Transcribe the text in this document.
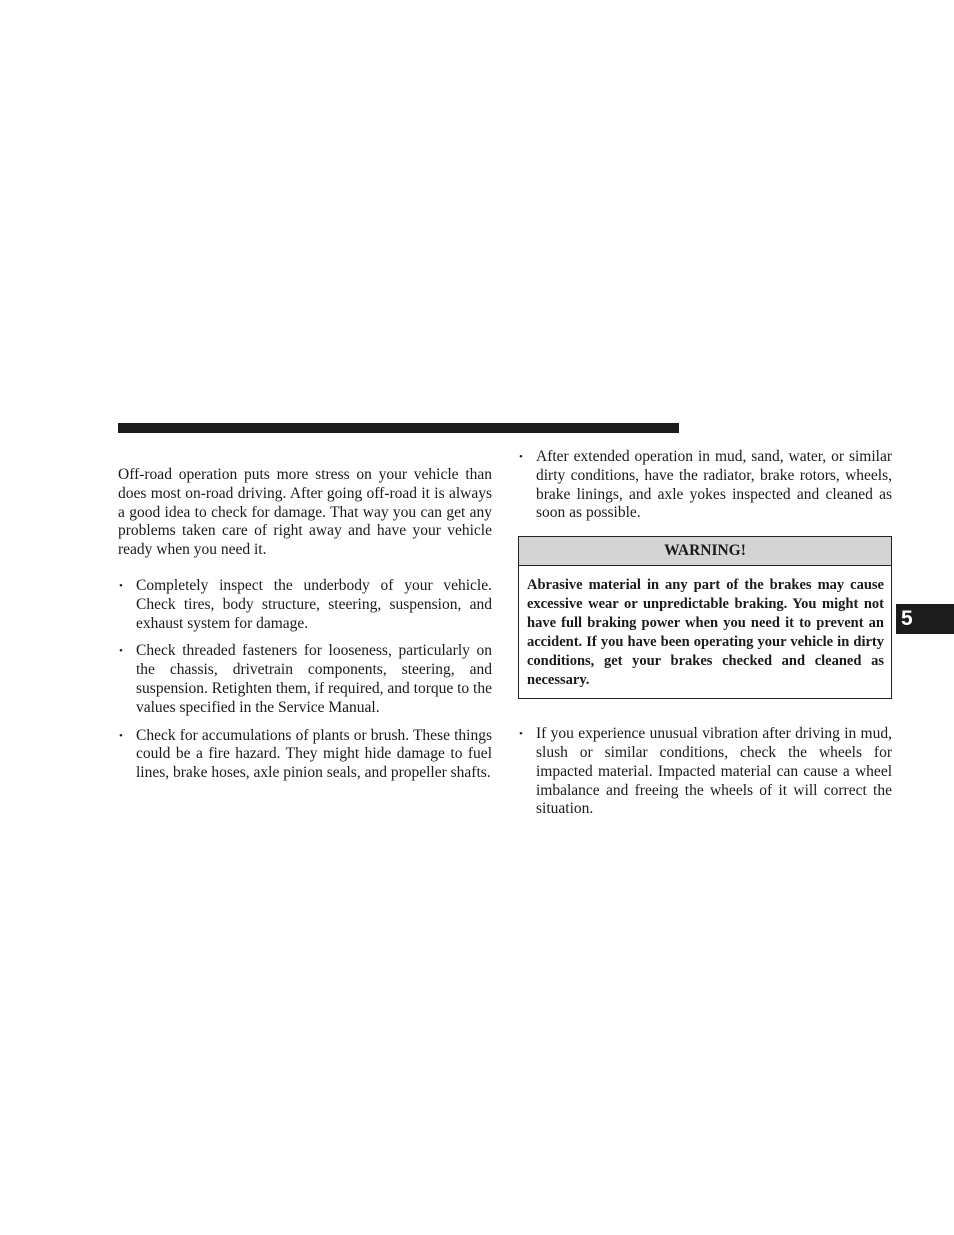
Off-road operation puts more stress on your vehicle than does most on-road driving. After going off-road it is always a good idea to check for damage. That way you can get any problems taken care of right away and have your vehicle ready when you need it.

• Completely inspect the underbody of your vehicle. Check tires, body structure, steering, suspension, and exhaust system for damage.
• Check threaded fasteners for looseness, particularly on the chassis, drivetrain components, steering, and suspension. Retighten them, if required, and torque to the values specified in the Service Manual.
• Check for accumulations of plants or brush. These things could be a fire hazard. They might hide damage to fuel lines, brake hoses, axle pinion seals, and propeller shafts.
• After extended operation in mud, sand, water, or similar dirty conditions, have the radiator, brake rotors, wheels, brake linings, and axle yokes inspected and cleaned as soon as possible.
WARNING!
Abrasive material in any part of the brakes may cause excessive wear or unpredictable braking. You might not have full braking power when you need it to prevent an accident. If you have been operating your vehicle in dirty conditions, get your brakes checked and cleaned as necessary.
• If you experience unusual vibration after driving in mud, slush or similar conditions, check the wheels for impacted material. Impacted material can cause a wheel imbalance and freeing the wheels of it will correct the situation.
5
